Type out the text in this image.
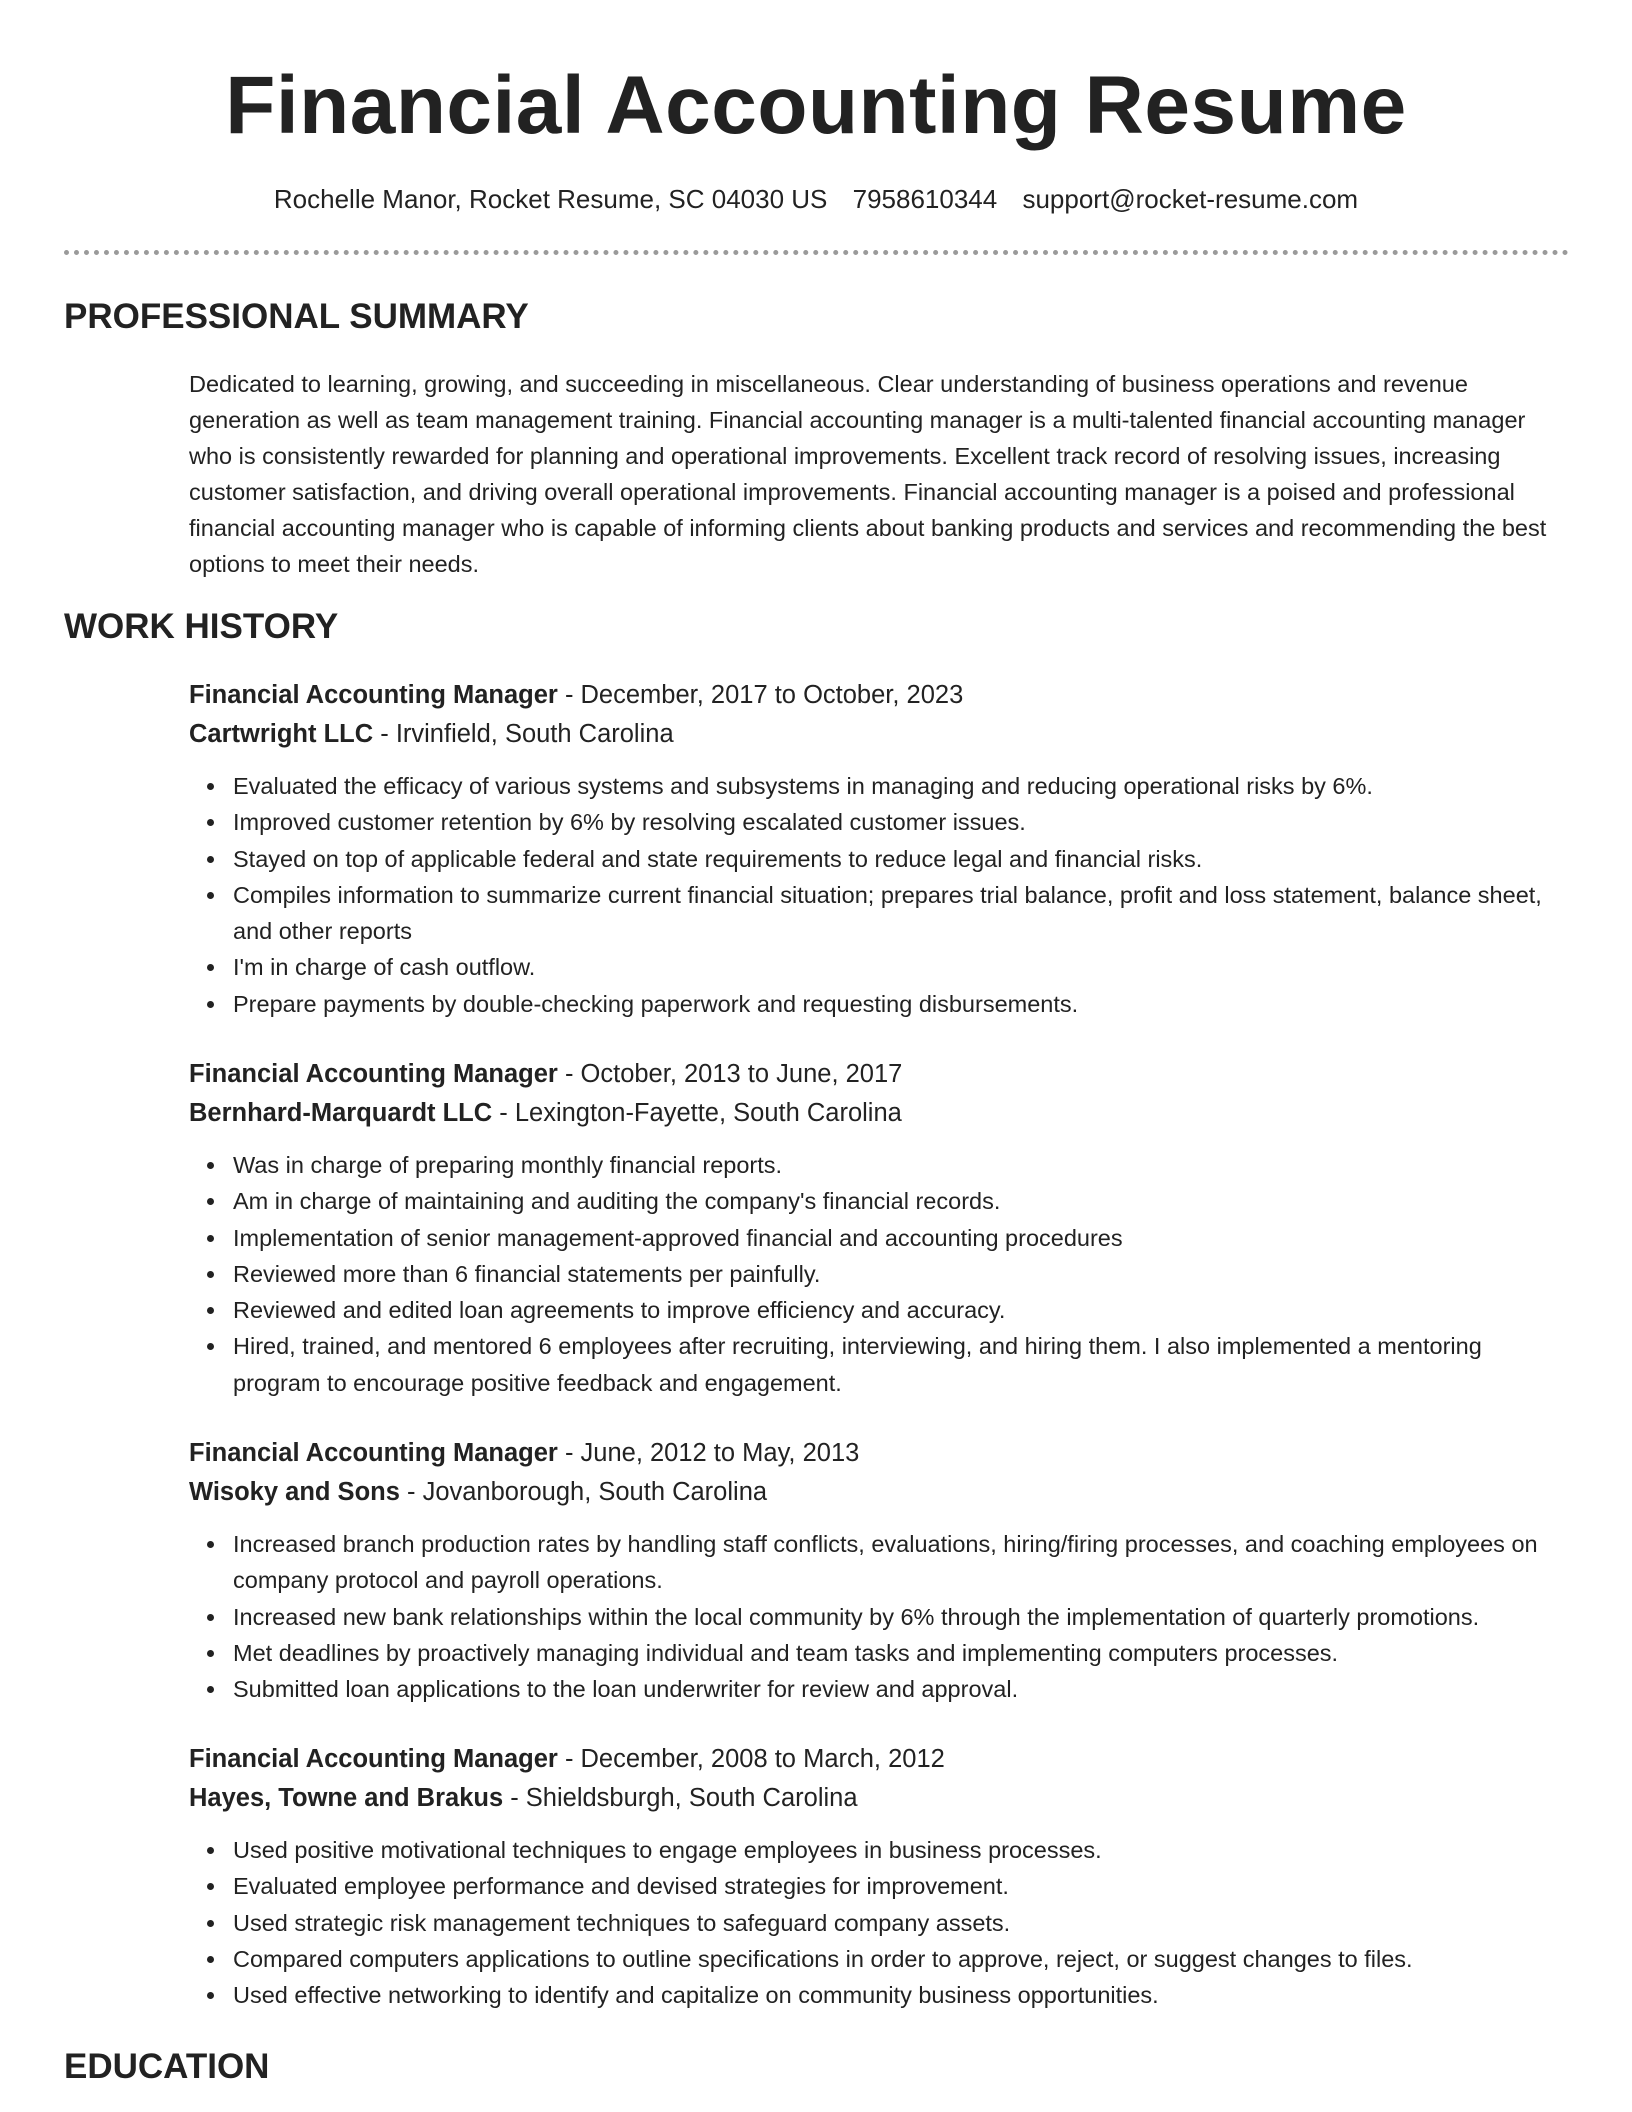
Financial Accounting Resume
Rochelle Manor, Rocket Resume, SC 04030 US 7958610344 support@rocket-resume.com
PROFESSIONAL SUMMARY

Dedicated to learning, growing, and succeeding in miscellaneous. Clear understanding of business operations and revenue generation as well as team management training. Financial accounting manager is a multi-talented financial accounting manager who is consistently rewarded for planning and operational improvements. Excellent track record of resolving issues, increasing customer satisfaction, and driving overall operational improvements. Financial accounting manager is a poised and professional financial accounting manager who is capable of informing clients about banking products and services and recommending the best options to meet their needs.

WORK HISTORY
Financial Accounting Manager - December, 2017 to October, 2023
Cartwright LLC - Irvinfield, South Carolina
Evaluated the efficacy of various systems and subsystems in managing and reducing operational risks by 6%.
Improved customer retention by 6% by resolving escalated customer issues.
Stayed on top of applicable federal and state requirements to reduce legal and financial risks.
Compiles information to summarize current financial situation; prepares trial balance, profit and loss statement, balance sheet, and other reports
I'm in charge of cash outflow.
Prepare payments by double-checking paperwork and requesting disbursements.
Financial Accounting Manager - October, 2013 to June, 2017
Bernhard-Marquardt LLC - Lexington-Fayette, South Carolina
Was in charge of preparing monthly financial reports.
Am in charge of maintaining and auditing the company's financial records.
Implementation of senior management-approved financial and accounting procedures
Reviewed more than 6 financial statements per painfully.
Reviewed and edited loan agreements to improve efficiency and accuracy.
Hired, trained, and mentored 6 employees after recruiting, interviewing, and hiring them. I also implemented a mentoring program to encourage positive feedback and engagement.
Financial Accounting Manager - June, 2012 to May, 2013
Wisoky and Sons - Jovanborough, South Carolina
Increased branch production rates by handling staff conflicts, evaluations, hiring/firing processes, and coaching employees on company protocol and payroll operations.
Increased new bank relationships within the local community by 6% through the implementation of quarterly promotions.
Met deadlines by proactively managing individual and team tasks and implementing computers processes.
Submitted loan applications to the loan underwriter for review and approval.
Financial Accounting Manager - December, 2008 to March, 2012
Hayes, Towne and Brakus - Shieldsburgh, South Carolina
Used positive motivational techniques to engage employees in business processes.
Evaluated employee performance and devised strategies for improvement.
Used strategic risk management techniques to safeguard company assets.
Compared computers applications to outline specifications in order to approve, reject, or suggest changes to files.
Used effective networking to identify and capitalize on community business opportunities.
EDUCATION
